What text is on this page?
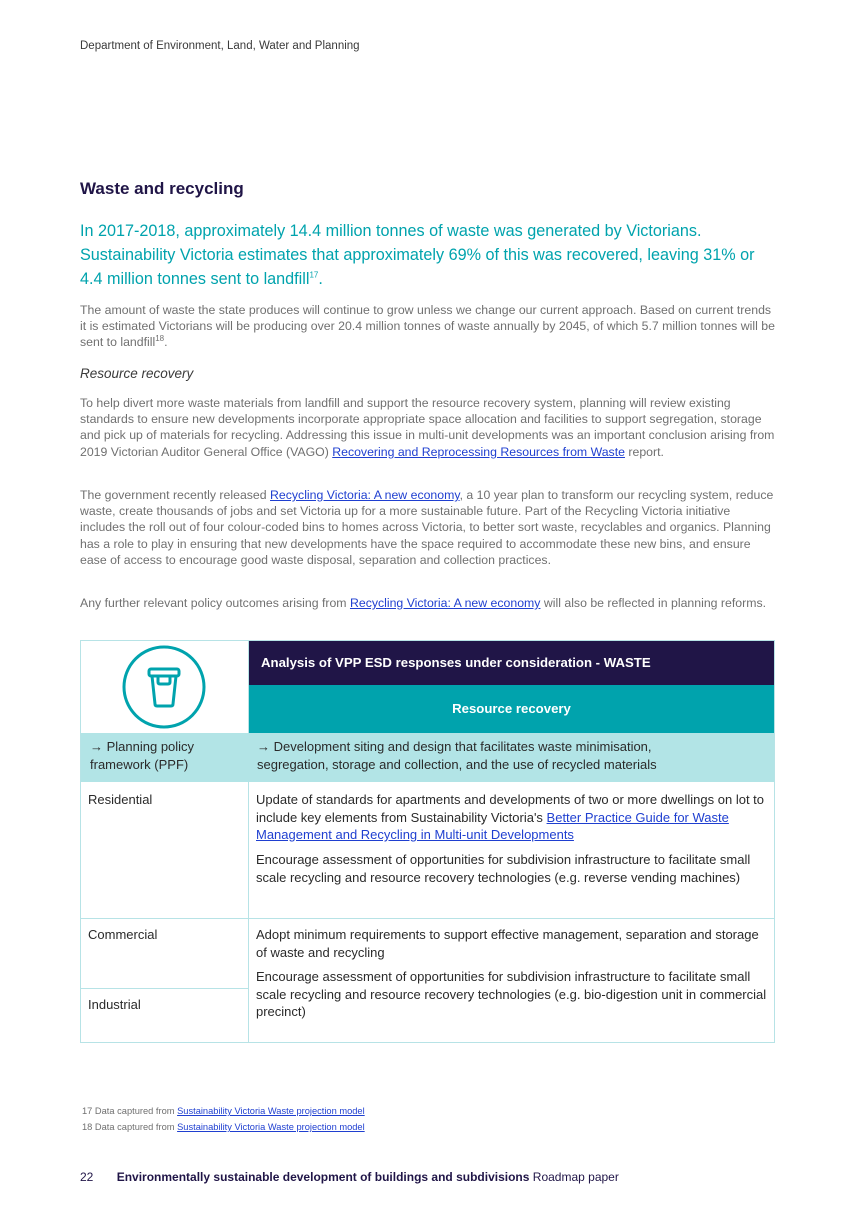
Department of Environment, Land, Water and Planning
Waste and recycling
In 2017-2018, approximately 14.4 million tonnes of waste was generated by Victorians. Sustainability Victoria estimates that approximately 69% of this was recovered, leaving 31% or 4.4 million tonnes sent to landfill$^{17}$.
The amount of waste the state produces will continue to grow unless we change our current approach. Based on current trends it is estimated Victorians will be producing over 20.4 million tonnes of waste annually by 2045, of which 5.7 million tonnes will be sent to landfill$^{18}$.
Resource recovery
To help divert more waste materials from landfill and support the resource recovery system, planning will review existing standards to ensure new developments incorporate appropriate space allocation and facilities to support segregation, storage and pick up of materials for recycling. Addressing this issue in multi-unit developments was an important conclusion arising from 2019 Victorian Auditor General Office (VAGO) Recovering and Reprocessing Resources from Waste report.
The government recently released Recycling Victoria: A new economy, a 10 year plan to transform our recycling system, reduce waste, create thousands of jobs and set Victoria up for a more sustainable future. Part of the Recycling Victoria initiative includes the roll out of four colour-coded bins to homes across Victoria, to better sort waste, recyclables and organics. Planning has a role to play in ensuring that new developments have the space required to accommodate these new bins, and ensure ease of access to encourage good waste disposal, separation and collection practices.
Any further relevant policy outcomes arising from Recycling Victoria: A new economy will also be reflected in planning reforms.
Analysis of VPP ESD responses under consideration - WASTE
Resource recovery
→ Planning policy
framework (PPF)
→ Development siting and design that facilitates waste minimisation,
segregation, storage and collection, and the use of recycled materials
Residential	Update of standards for apartments and developments of two or more dwellings on lot to include key elements from Sustainability Victoria's Better Practice Guide for Waste Management and Recycling in Multi-unit Developments
Encourage assessment of opportunities for subdivision infrastructure to facilitate small scale recycling and resource recovery technologies (e.g. reverse vending machines)
Commercial	Adopt minimum requirements to support effective management, separation and storage of waste and recycling
Encourage assessment of opportunities for subdivision infrastructure to facilitate small scale recycling and resource recovery technologies (e.g. bio-digestion unit in commercial precinct)
Industrial
17 Data captured from Sustainability Victoria Waste projection model
18 Data captured from Sustainability Victoria Waste projection model
22 Environmentally sustainable development of buildings and subdivisions Roadmap paper
